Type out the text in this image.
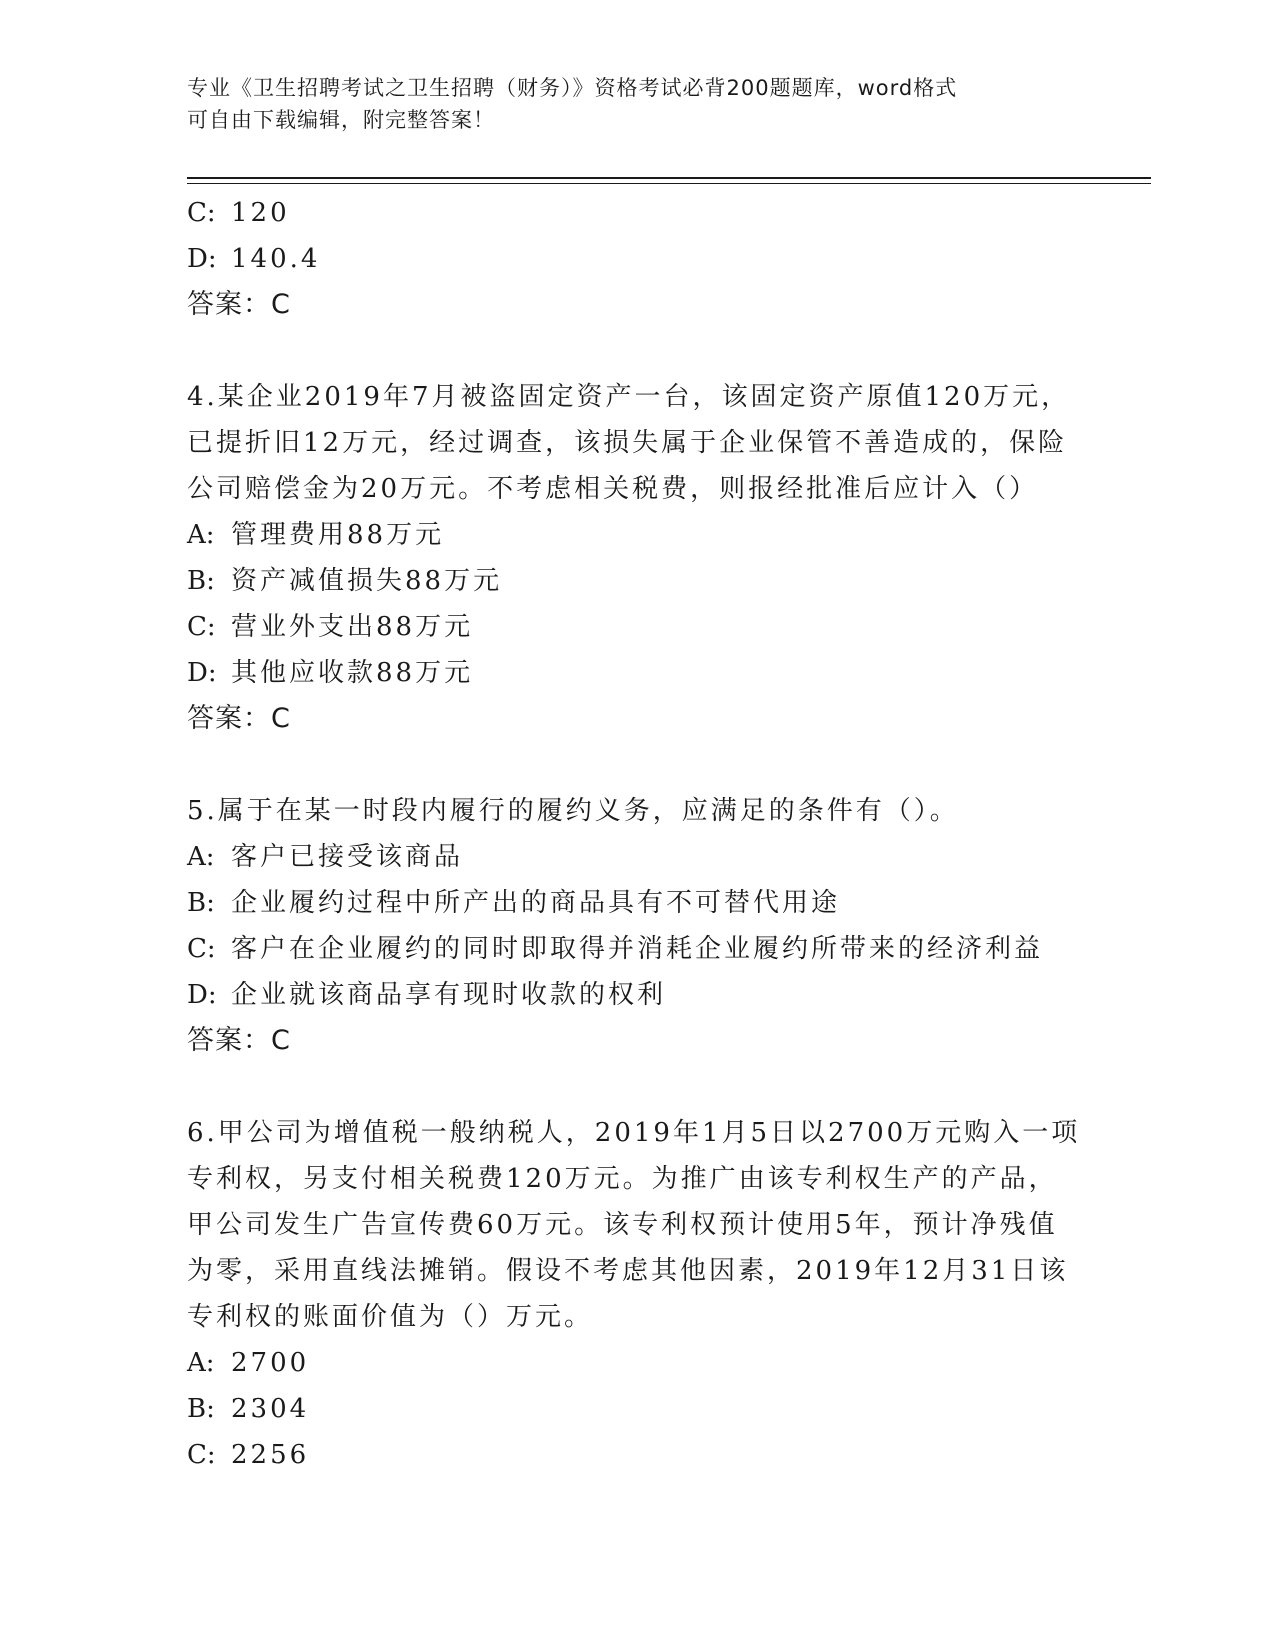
专业《卫生招聘考试之卫生招聘（财务）》资格考试必背200题题库，word格式
可自由下载编辑，附完整答案！
C: 120
D: 140.4
答案：C
4.某企业2019年7月被盗固定资产一台，该固定资产原值120万元，
已提折旧12万元，经过调查，该损失属于企业保管不善造成的，保险
公司赔偿金为20万元。不考虑相关税费，则报经批准后应计入（）
A: 管理费用88万元
B: 资产减值损失88万元
C: 营业外支出88万元
D: 其他应收款88万元
答案：C
5.属于在某一时段内履行的履约义务，应满足的条件有（）。
A: 客户已接受该商品
B: 企业履约过程中所产出的商品具有不可替代用途
C: 客户在企业履约的同时即取得并消耗企业履约所带来的经济利益
D: 企业就该商品享有现时收款的权利
答案：C
6.甲公司为增值税一般纳税人，2019年1月5日以2700万元购入一项
专利权，另支付相关税费120万元。为推广由该专利权生产的产品，
甲公司发生广告宣传费60万元。该专利权预计使用5年，预计净残值
为零，采用直线法摊销。假设不考虑其他因素，2019年12月31日该
专利权的账面价值为（）万元。
A: 2700
B: 2304
C: 2256
